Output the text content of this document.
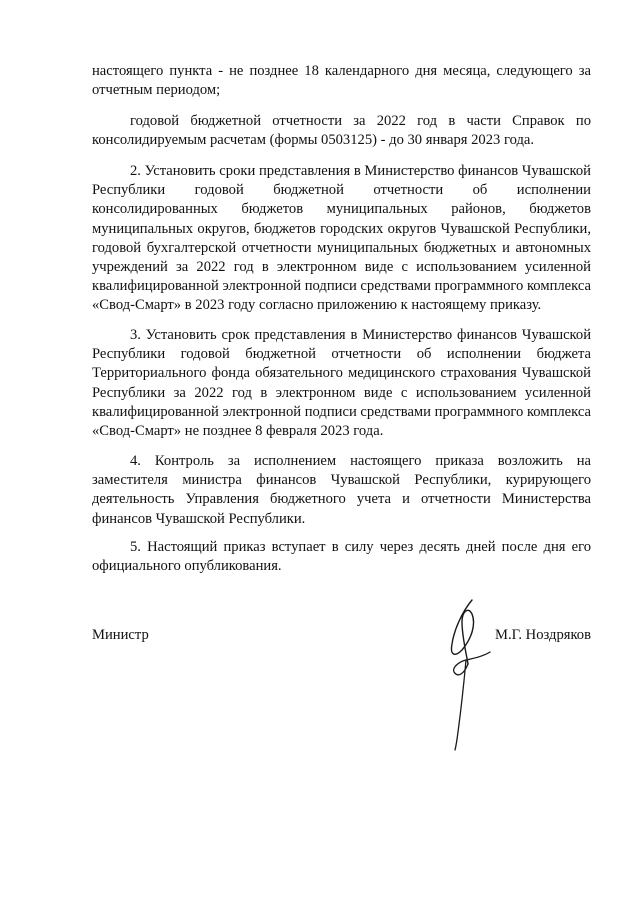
настоящего пункта - не позднее 18 календарного дня месяца, следующего за отчетным периодом;

годовой бюджетной отчетности за 2022 год в части Справок по консолидируемым расчетам (формы 0503125) - до 30 января 2023 года.

2. Установить сроки представления в Министерство финансов Чувашской Республики годовой бюджетной отчетности об исполнении консолидированных бюджетов муниципальных районов, бюджетов муниципальных округов, бюджетов городских округов Чувашской Республики, годовой бухгалтерской отчетности муниципальных бюджетных и автономных учреждений за 2022 год в электронном виде с использованием усиленной квалифицированной электронной подписи средствами программного комплекса «Свод-Смарт» в 2023 году согласно приложению к настоящему приказу.

3. Установить срок представления в Министерство финансов Чувашской Республики годовой бюджетной отчетности об исполнении бюджета Территориального фонда обязательного медицинского страхования Чувашской Республики за 2022 год в электронном виде с использованием усиленной квалифицированной электронной подписи средствами программного комплекса «Свод-Смарт» не позднее 8 февраля 2023 года.

4. Контроль за исполнением настоящего приказа возложить на заместителя министра финансов Чувашской Республики, курирующего деятельность Управления бюджетного учета и отчетности Министерства финансов Чувашской Республики.

5. Настоящий приказ вступает в силу через десять дней после дня его официального опубликования.

Министр	М.Г. Ноздряков
